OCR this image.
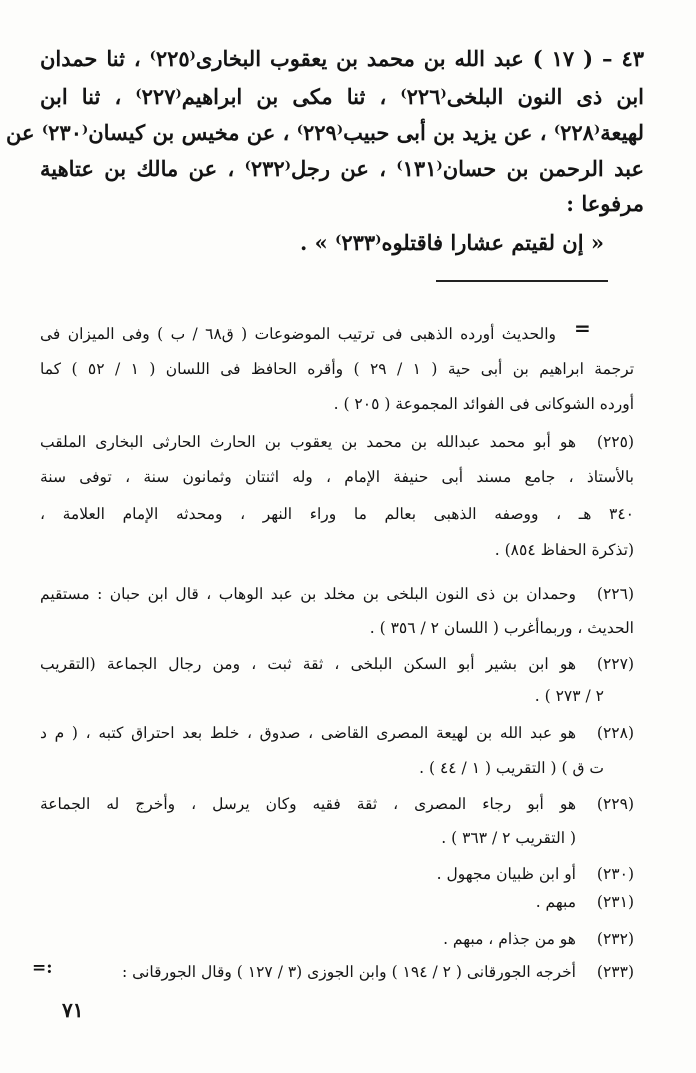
٤٣ – ( ١٧ ) عبد الله بن محمد بن يعقوب البخارى⁽٢٢٥⁾ ، ثنا حمدان
ابن ذى النون البلخى⁽٢٢٦⁾ ، ثنا مكى بن ابراهيم⁽٢٢٧⁾ ، ثنا ابن
لهيعة⁽٢٢٨⁾ ، عن يزيد بن أبى حبيب⁽٢٢٩⁾ ، عن مخيس بن كيسان⁽٢٣٠⁾ عن
عبد الرحمن بن حسان⁽١٣١⁾ ، عن رجل⁽٢٣٢⁾ ، عن مالك بن عتاهية
مرفوعا :
« إن لقيتم عشارا فاقتلوه⁽٢٣٣⁾ » .
=
والحديث أورده الذهبى فى ترتيب الموضوعات ( ق٦٨ / ب ) وفى الميزان فى
ترجمة ابراهيم بن أبى حية ( ١ / ٢٩ ) وأقره الحافظ فى اللسان ( ١ / ٥٢ ) كما
أورده الشوكانى فى الفوائد المجموعة ( ٢٠٥ ) .
(٢٢٥)هو أبو محمد عبدالله بن محمد بن يعقوب بن الحارث الحارثى البخارى الملقب
بالأستاذ ، جامع مسند أبى حنيفة الإمام ، وله اثنتان وثمانون سنة ، توفى سنة
٣٤٠ هـ ، ووصفه الذهبى بعالم ما وراء النهر ، ومحدثه الإمام العلامة ،
(تذكرة الحفاظ ٨٥٤) .
(٢٢٦)وحمدان بن ذى النون البلخى بن مخلد بن عبد الوهاب ، قال ابن حبان : مستقيم
الحديث ، وربماأغرب ( اللسان ٢ / ٣٥٦ ) .
(٢٢٧)هو ابن بشير أبو السكن البلخى ، ثقة ثبت ، ومن رجال الجماعة (التقريب
٢ / ٢٧٣ ) .
(٢٢٨)هو عبد الله بن لهيعة المصرى القاضى ، صدوق ، خلط بعد احتراق كتبه ، ( م د
ت ق ) ( التقريب ( ١ / ٤٤ ) .
(٢٢٩)هو أبو رجاء المصرى ، ثقة فقيه وكان يرسل ، وأخرج له الجماعة
( التقريب ٢ / ٣٦٣ ) .
(٢٣٠)أو ابن ظبيان مجهول .
(٢٣١)مبهم .
(٢٣٢)هو من جذام ، مبهم .
(٢٣٣)أخرجه الجورقانى ( ٢ / ١٩٤ ) وابن الجوزى (٣ / ١٢٧ ) وقال الجورقانى :
:=
٧١
